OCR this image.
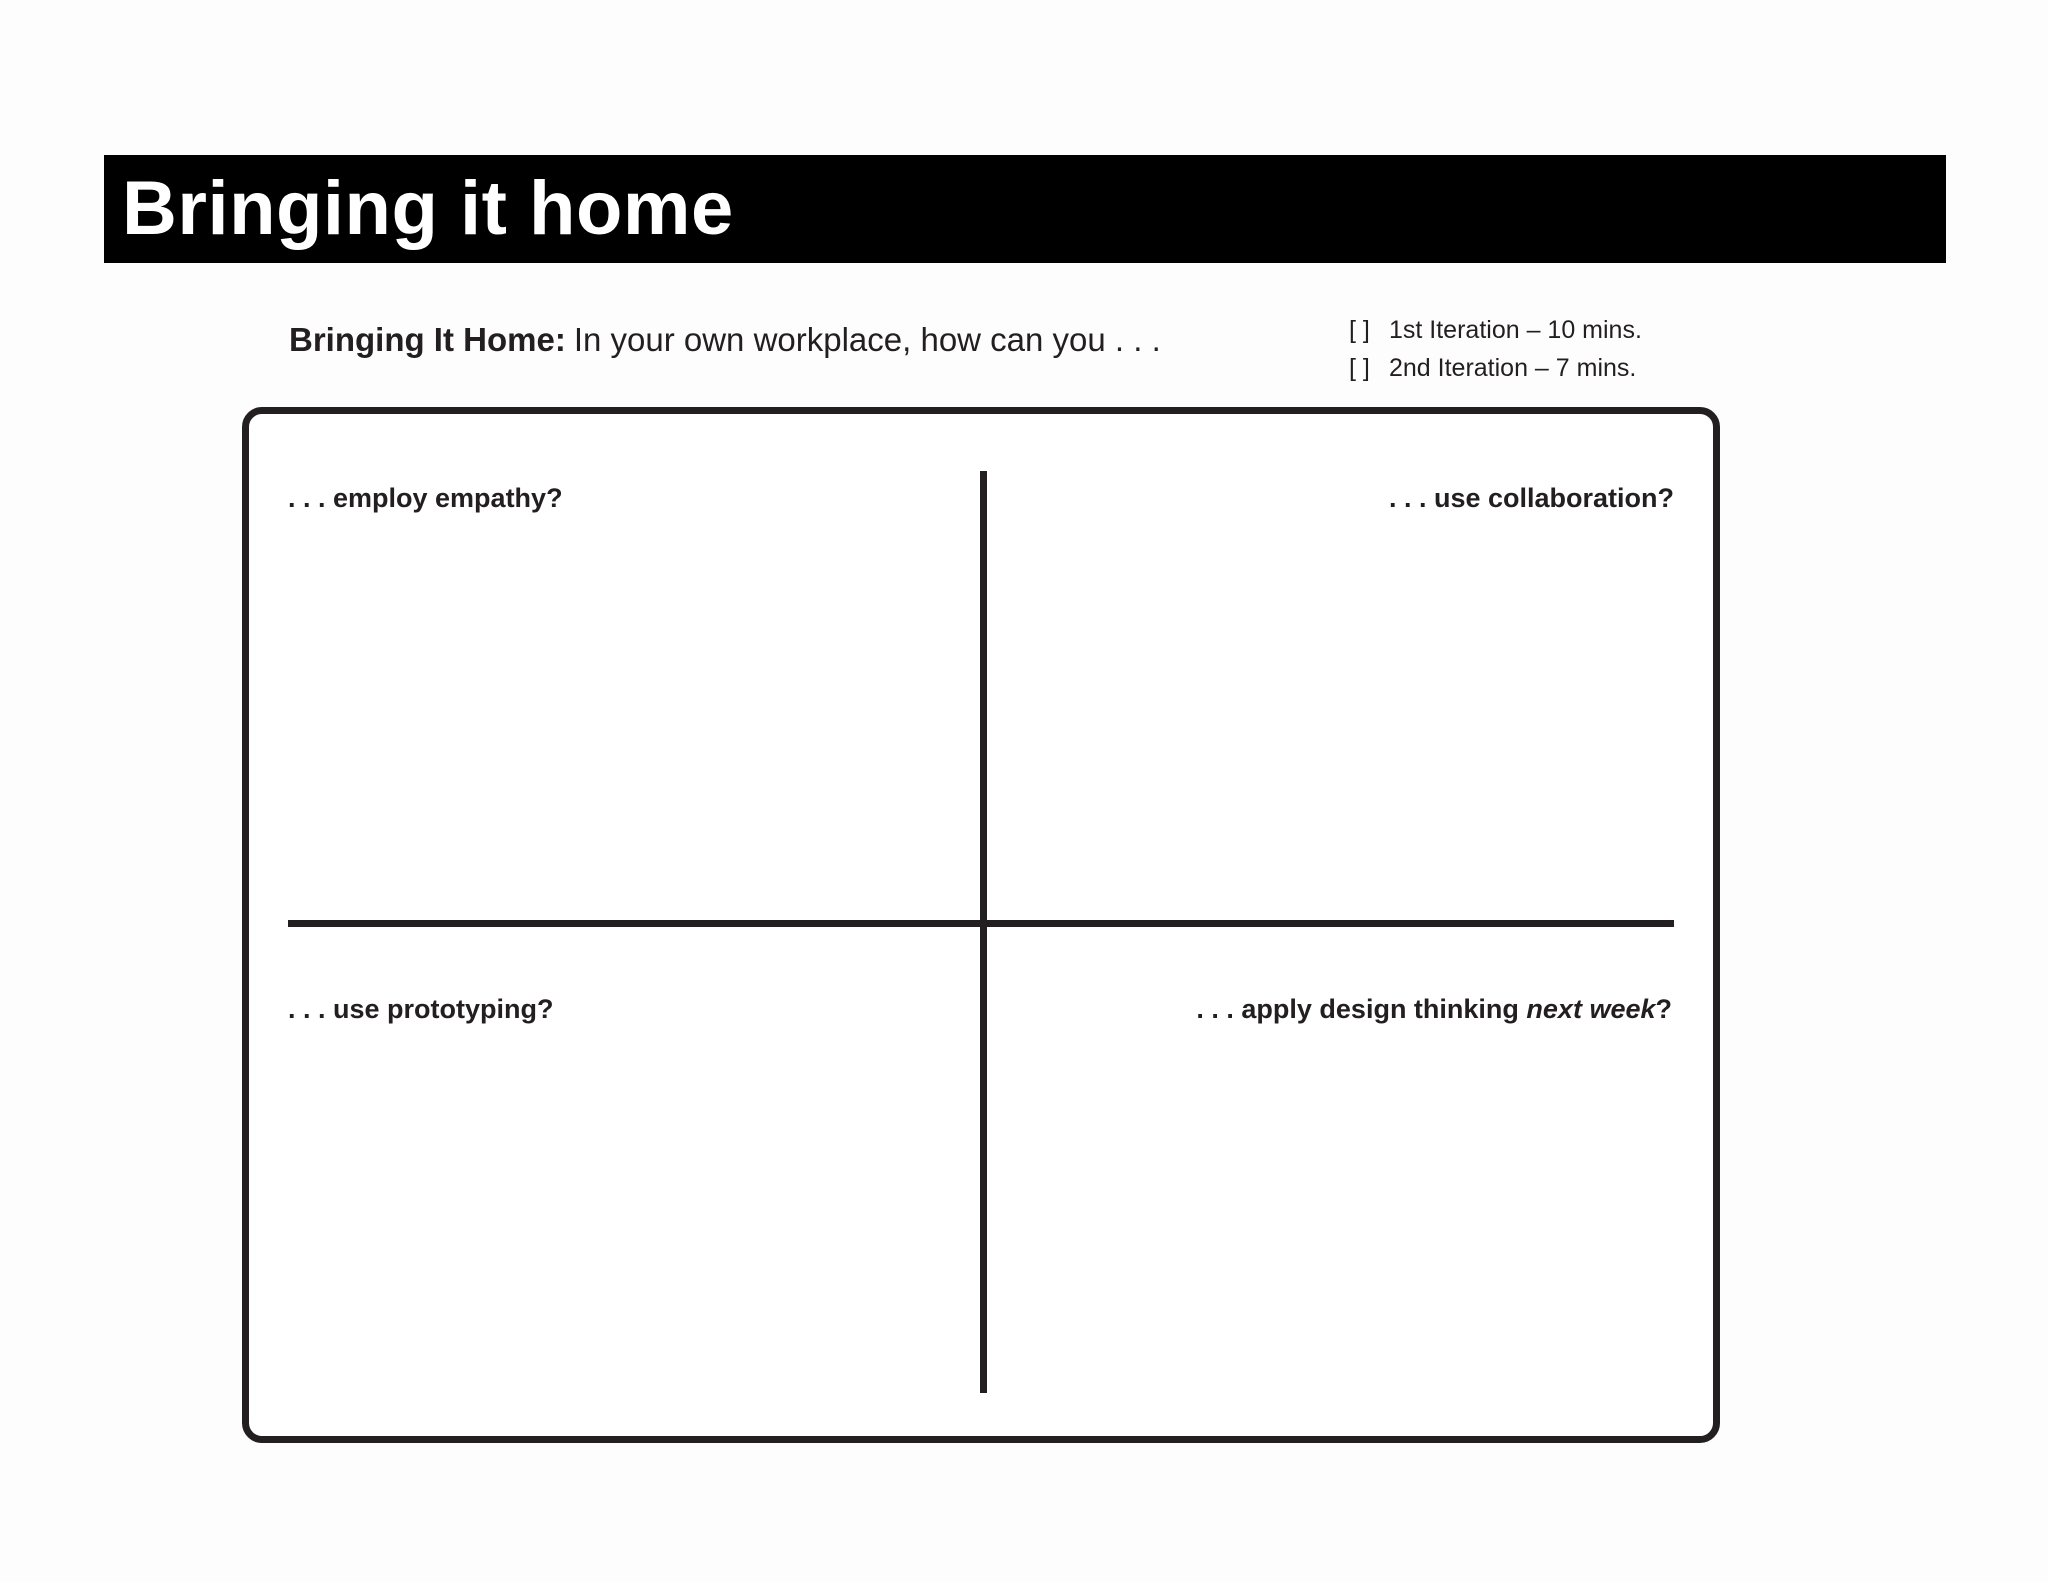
Bringing it home
Bringing It Home: In your own workplace, how can you . . .	[ ] 1st Iteration – 10 mins.
[ ] 2nd Iteration – 7 mins.
. . . employ empathy?	. . . use collaboration?
. . . use prototyping?	. . . apply design thinking next week?
